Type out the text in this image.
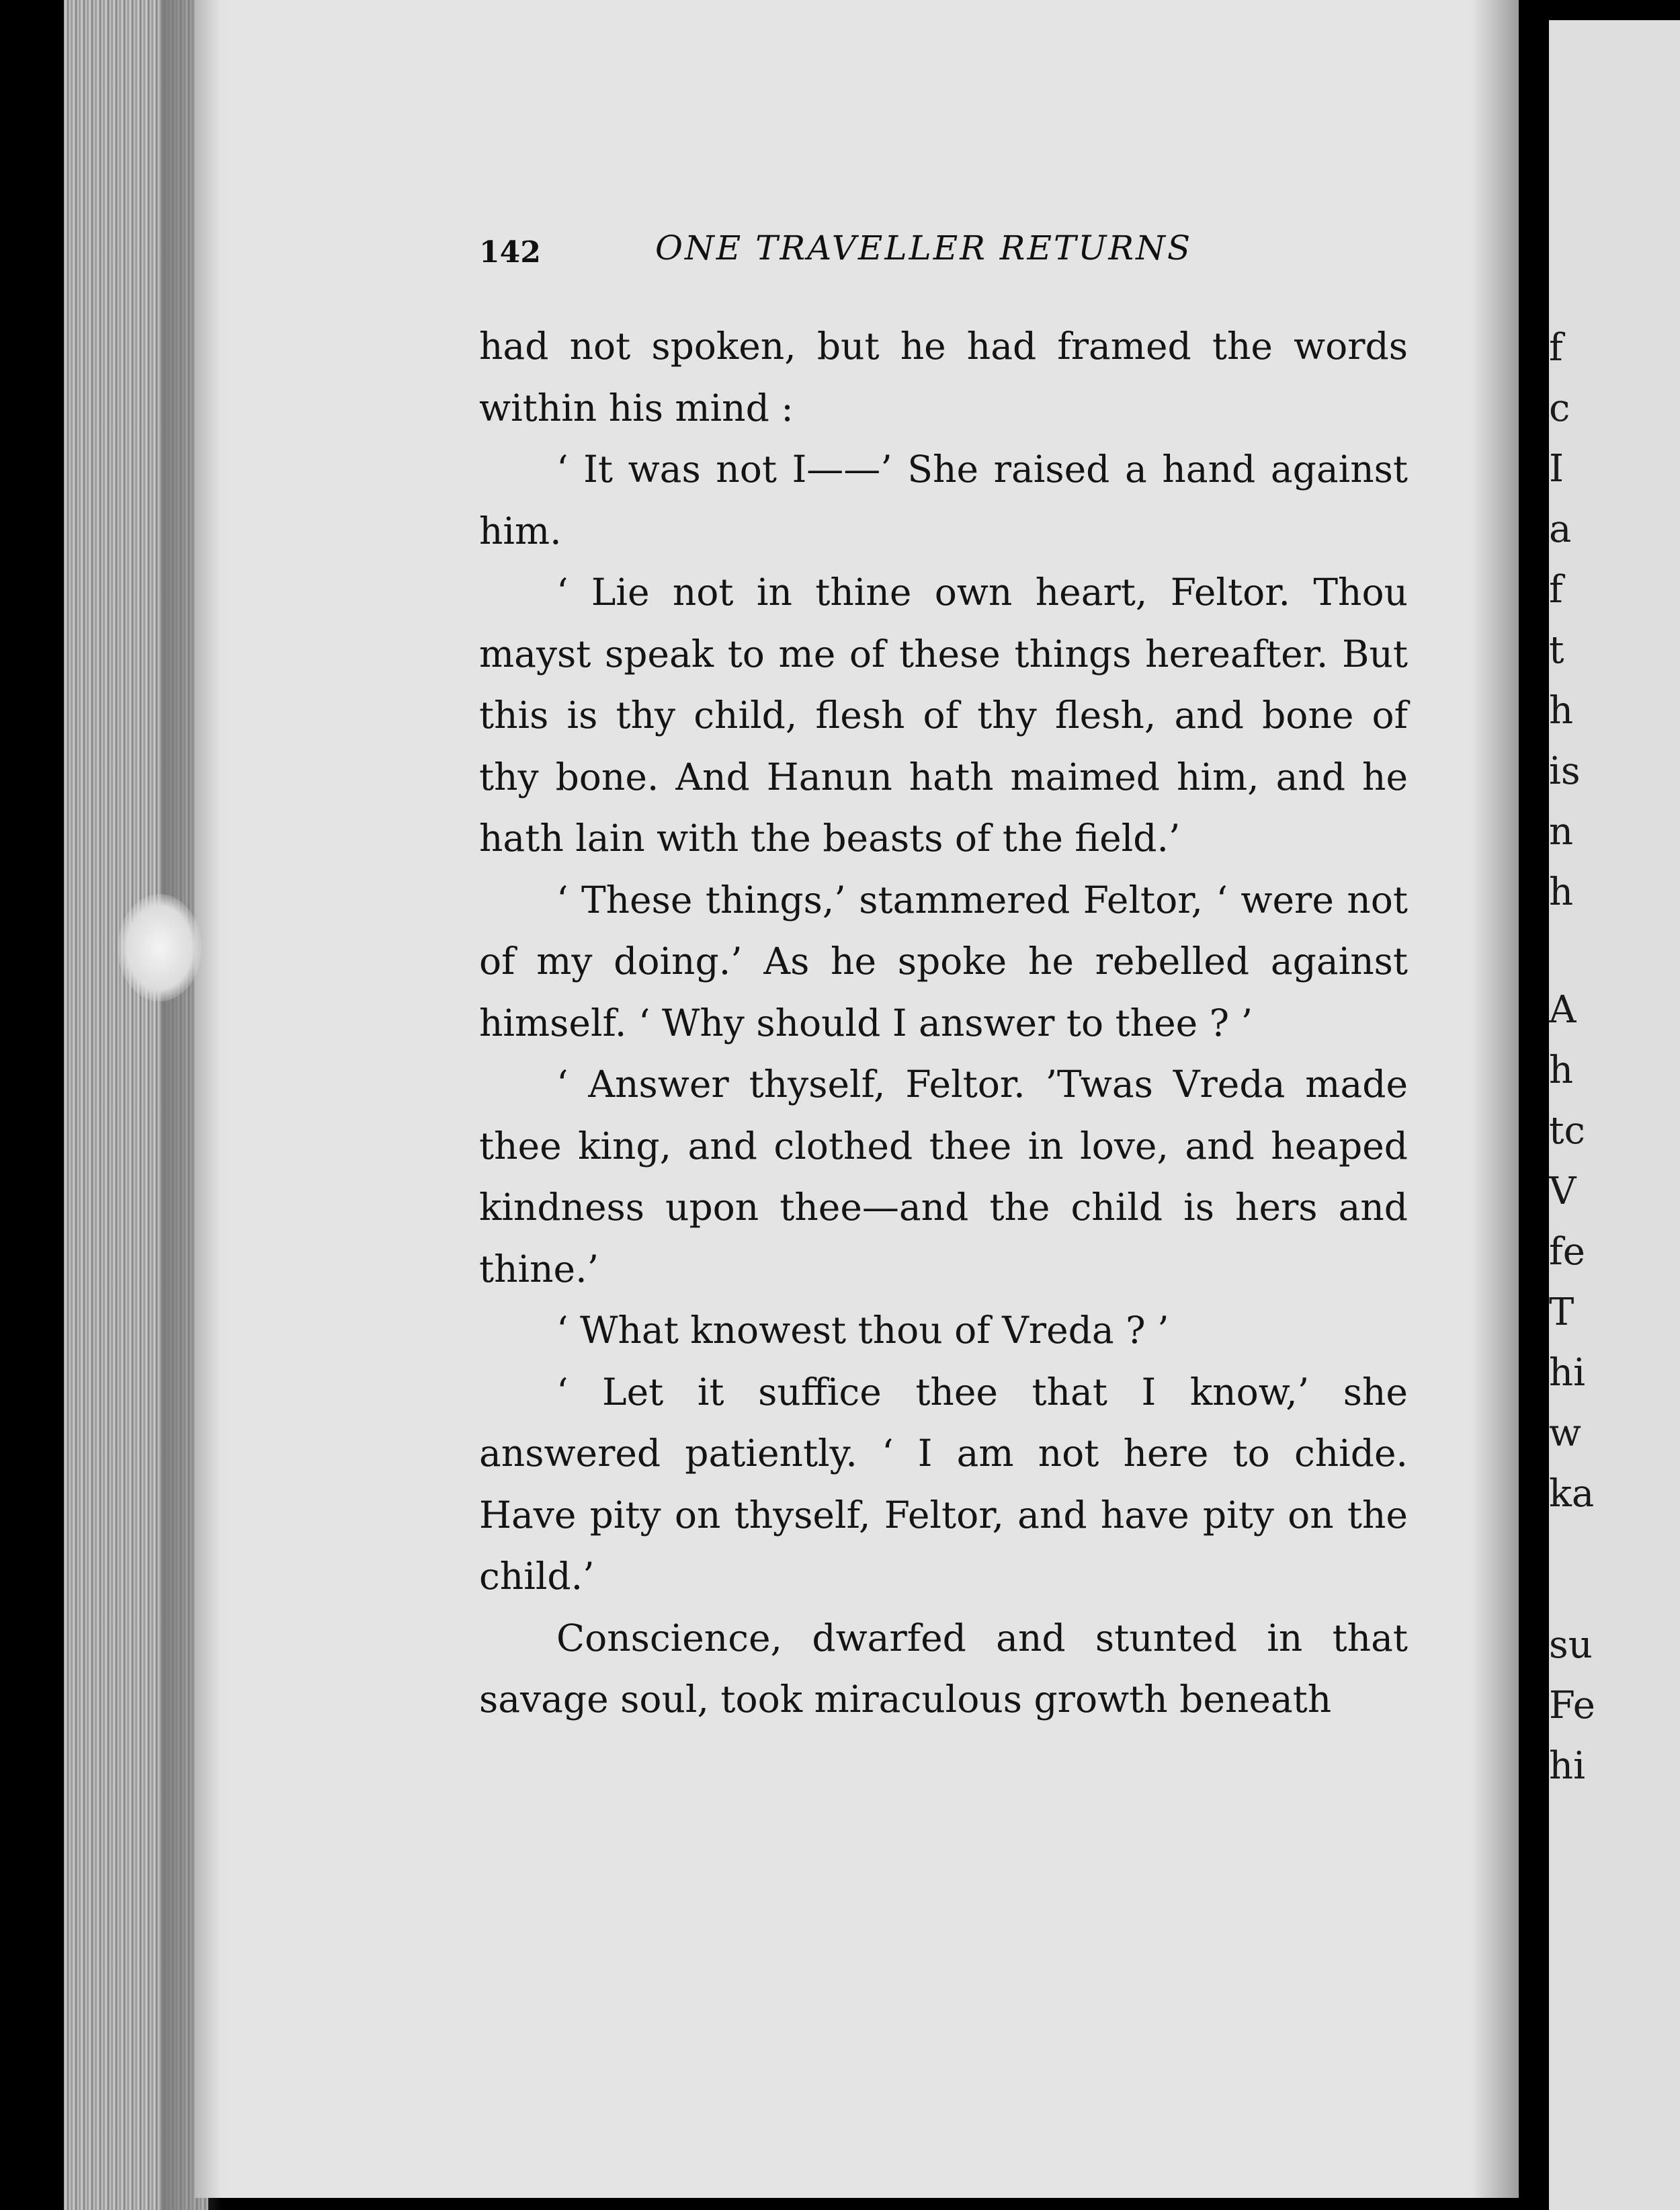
142	ONE TRAVELLER RETURNS

had not spoken, but he had framed the words within his mind :

‘ It was not I——’ She raised a hand against him.

‘ Lie not in thine own heart, Feltor. Thou mayst speak to me of these things hereafter. But this is thy child, flesh of thy flesh, and bone of thy bone. And Hanun hath maimed him, and he hath lain with the beasts of the field.’

‘ These things,’ stammered Feltor, ‘ were not of my doing.’ As he spoke he rebelled against himself. ‘ Why should I answer to thee ? ’

‘ Answer thyself, Feltor. ’Twas Vreda made thee king, and clothed thee in love, and heaped kindness upon thee—and the child is hers and thine.’

‘ What knowest thou of Vreda ? ’

‘ Let it suffice thee that I know,’ she answered patiently. ‘ I am not here to chide. Have pity on thyself, Feltor, and have pity on the child.’

Conscience, dwarfed and stunted in that savage soul, took miraculous growth beneath

f
c
I
a
f
t
h
is
n
h
A
h
tc
V
fe
T
hi
w
ka
su
Fe
hi
